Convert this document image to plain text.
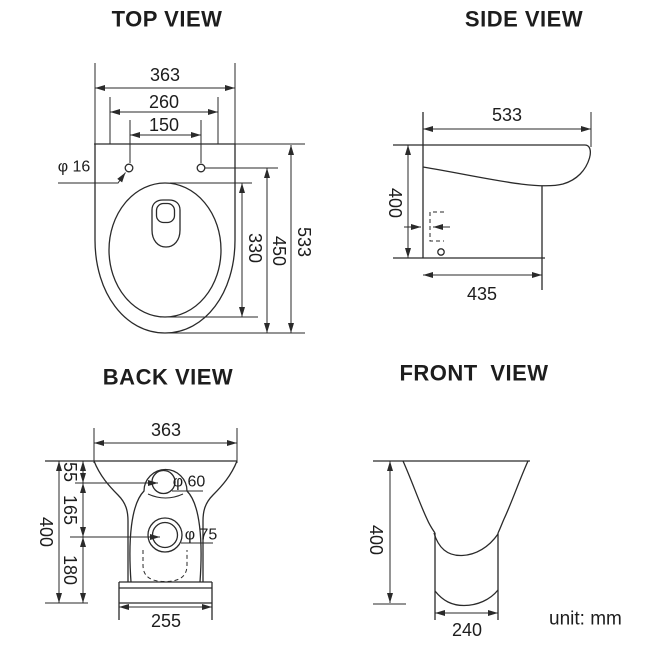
TOP VIEW
363
260
150
φ 16
330 450 533
SIDE VIEW
533
400
435
BACK VIEW
363
55
165
180
400
φ 60
φ 75
255
FRONT VIEW
400
240
unit: mm
